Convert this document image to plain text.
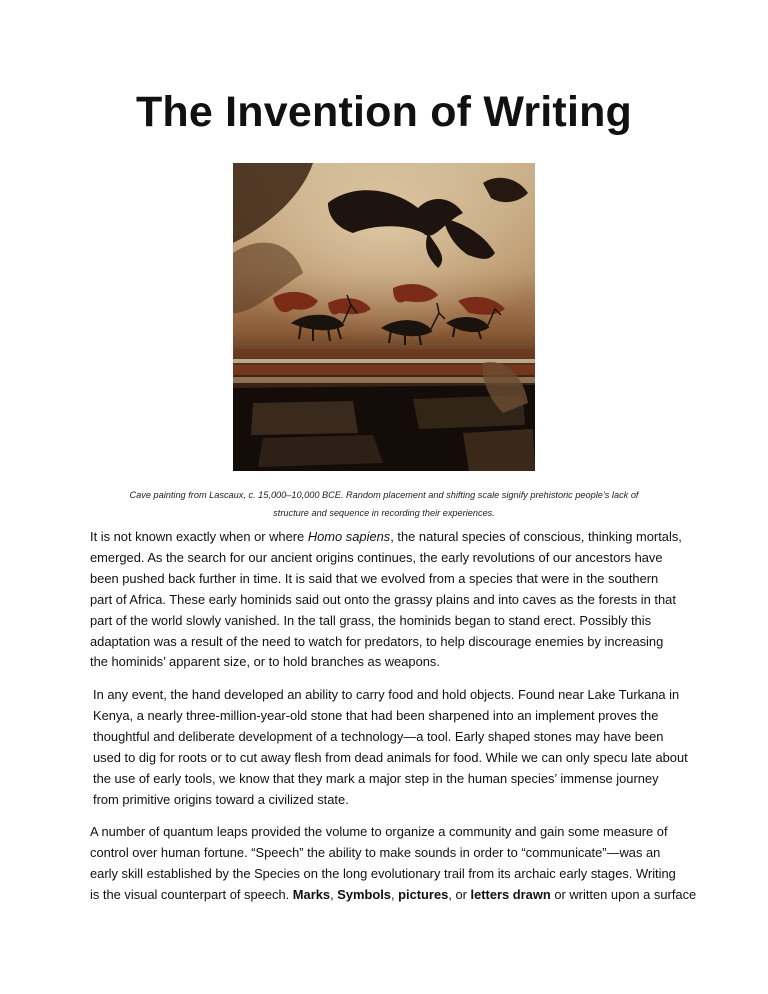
The Invention of Writing
Cave painting from Lascaux, c. 15,000–10,000 BCE. Random placement and shifting scale signify prehistoric people’s lack of
structure and sequence in recording their experiences.
It is not known exactly when or where Homo sapiens, the natural species of conscious, thinking mortals,
emerged. As the search for our ancient origins continues, the early revolutions of our ancestors have
been pushed back further in time. It is said that we evolved from a species that were in the southern
part of Africa. These early hominids said out onto the grassy plains and into caves as the forests in that
part of the world slowly vanished. In the tall grass, the hominids began to stand erect. Possibly this
adaptation was a result of the need to watch for predators, to help discourage enemies by increasing
the hominids’ apparent size, or to hold branches as weapons.
In any event, the hand developed an ability to carry food and hold objects. Found near Lake Turkana in
Kenya, a nearly three-million-year-old stone that had been sharpened into an implement proves the
thoughtful and deliberate development of a technology—a tool. Early shaped stones may have been
used to dig for roots or to cut away flesh from dead animals for food. While we can only specu late about
the use of early tools, we know that they mark a major step in the human species’ immense journey
from primitive origins toward a civilized state.
A number of quantum leaps provided the volume to organize a community and gain some measure of
control over human fortune. “Speech” the ability to make sounds in order to “communicate”—was an
early skill established by the Species on the long evolutionary trail from its archaic early stages. Writing
is the visual counterpart of speech. Marks, Symbols, pictures, or letters drawn or written upon a surface
